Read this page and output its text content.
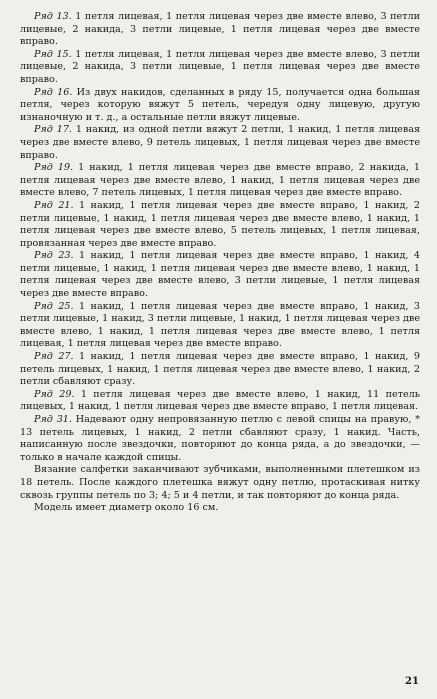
Ряд 13. 1 петля лицевая, 1 петля лицевая через две вместе влево, 3 петли лицевые, 2 накида, 3 петли лицевые, 1 петля лицевая через две вместе вправо.

Ряд 15. 1 петля лицевая, 1 петля лицевая через две вместе влево, 3 петли лицевые, 2 накида, 3 петли лицевые, 1 петля лицевая через две вместе вправо.

Ряд 16. Из двух накидов, сделанных в ряду 15, получается одна большая петля, через которую вяжут 5 петель, чередуя одну лицевую, другую изнаночную и т. д., а остальные петли вяжут лицевые.

Ряд 17. 1 накид, из одной петли вяжут 2 петли, 1 накид, 1 петля лицевая через две вместе влево, 9 петель лицевых, 1 петля лицевая через две вместе вправо.

Ряд 19. 1 накид, 1 петля лицевая через две вместе вправо, 2 накида, 1 петля лицевая через две вместе влево, 1 накид, 1 петля лицевая через две вместе влево, 7 петель лицевых, 1 петля лицевая через две вместе вправо.

Ряд 21. 1 накид, 1 петля лицевая через две вместе вправо, 1 накид, 2 петли лицевые, 1 накид, 1 петля лицевая через две вместе влево, 1 накид, 1 петля лицевая через две вместе влево, 5 петель лицевых, 1 петля лицевая, провязанная через две вместе вправо.

Ряд 23. 1 накид, 1 петля лицевая через две вместе вправо, 1 накид, 4 петли лицевые, 1 накид, 1 петля лицевая через две вместе влево, 1 накид, 1 петля лицевая через две вместе влево, 3 петли лицевые, 1 петля лицевая через две вместе вправо.

Ряд 25. 1 накид, 1 петля лицевая через две вместе вправо, 1 накид, 3 петли лицевые, 1 накид, 3 петли лицевые, 1 накид, 1 петля лицевая через две вместе влево, 1 накид, 1 петля лицевая через две вместе влево, 1 петля лицевая, 1 петля лицевая через две вместе вправо.

Ряд 27. 1 накид, 1 петля лицевая через две вместе вправо, 1 накид, 9 петель лицевых, 1 накид, 1 петля лицевая через две вместе влево, 1 накид, 2 петли сбавляют сразу.

Ряд 29. 1 петля лицевая через две вместе влево, 1 накид, 11 петель лицевых, 1 накид, 1 петля лицевая через две вместе вправо, 1 петля лицевая.

Ряд 31. Надевают одну непровязанную петлю с левой спицы на правую, * 13 петель лицевых, 1 накид, 2 петли сбавляют сразу, 1 накид. Часть, написанную после звездочки, повторяют до конца ряда, а до звездочки, — только в начале каждой спицы.

Вязание салфетки заканчивают зубчиками, выполненными плетешком из 18 петель. После каждого плетешка вяжут одну петлю, протаскивая нитку сквозь группы петель по 3; 4; 5 и 4 петли, и так повторяют до конца ряда.

Модель имеет диаметр около 16 см.

21
